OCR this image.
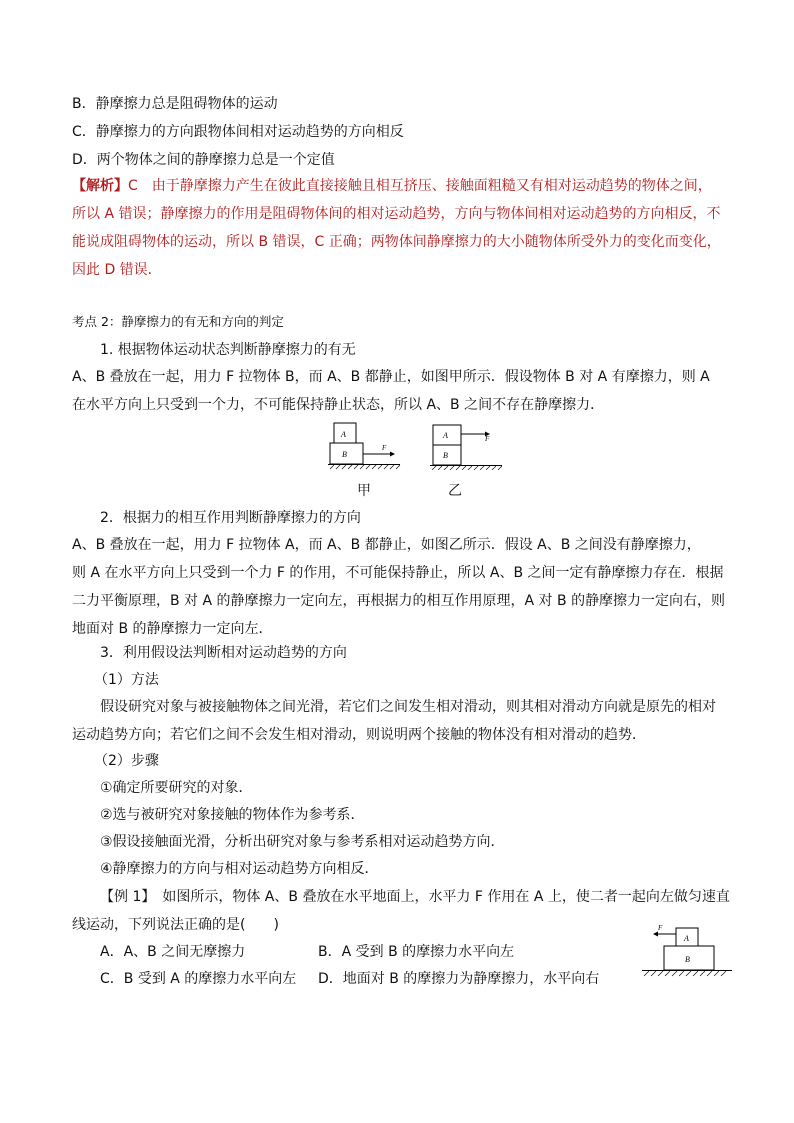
B．静摩擦力总是阻碍物体的运动
C．静摩擦力的方向跟物体间相对运动趋势的方向相反
D．两个物体之间的静摩擦力总是一个定值
【解析】C　由于静摩擦力产生在彼此直接接触且相互挤压、接触面粗糙又有相对运动趋势的物体之间，
所以 A 错误；静摩擦力的作用是阻碍物体间的相对运动趋势，方向与物体间相对运动趋势的方向相反，不
能说成阻碍物体的运动，所以 B 错误，C 正确；两物体间静摩擦力的大小随物体所受外力的变化而变化，
因此 D 错误．
考点 2：静摩擦力的有无和方向的判定
1. 根据物体运动状态判断静摩擦力的有无
A、B 叠放在一起，用力 F 拉物体 B，而 A、B 都静止，如图甲所示．假设物体 B 对 A 有摩擦力，则 A
在水平方向上只受到一个力，不可能保持静止状态，所以 A、B 之间不存在静摩擦力．
A
B
F
A
B
F
甲	乙
2．根据力的相互作用判断静摩擦力的方向
A、B 叠放在一起，用力 F 拉物体 A，而 A、B 都静止，如图乙所示．假设 A、B 之间没有静摩擦力，
则 A 在水平方向上只受到一个力 F 的作用，不可能保持静止，所以 A、B 之间一定有静摩擦力存在．根据
二力平衡原理，B 对 A 的静摩擦力一定向左，再根据力的相互作用原理，A 对 B 的静摩擦力一定向右，则
地面对 B 的静摩擦力一定向左．
3．利用假设法判断相对运动趋势的方向
（1）方法
假设研究对象与被接触物体之间光滑，若它们之间发生相对滑动，则其相对滑动方向就是原先的相对
运动趋势方向；若它们之间不会发生相对滑动，则说明两个接触的物体没有相对滑动的趋势．
（2）步骤
①确定所要研究的对象．
②选与被研究对象接触的物体作为参考系．
③假设接触面光滑，分析出研究对象与参考系相对运动趋势方向．
④静摩擦力的方向与相对运动趋势方向相反．
【例 1】　如图所示，物体 A、B 叠放在水平地面上，水平力 F 作用在 A 上，使二者一起向左做匀速直
线运动，下列说法正确的是(　　)
A．A、B 之间无摩擦力	B．A 受到 B 的摩擦力水平向左
C．B 受到 A 的摩擦力水平向左 D．地面对 B 的摩擦力为静摩擦力，水平向右
A
B
F
